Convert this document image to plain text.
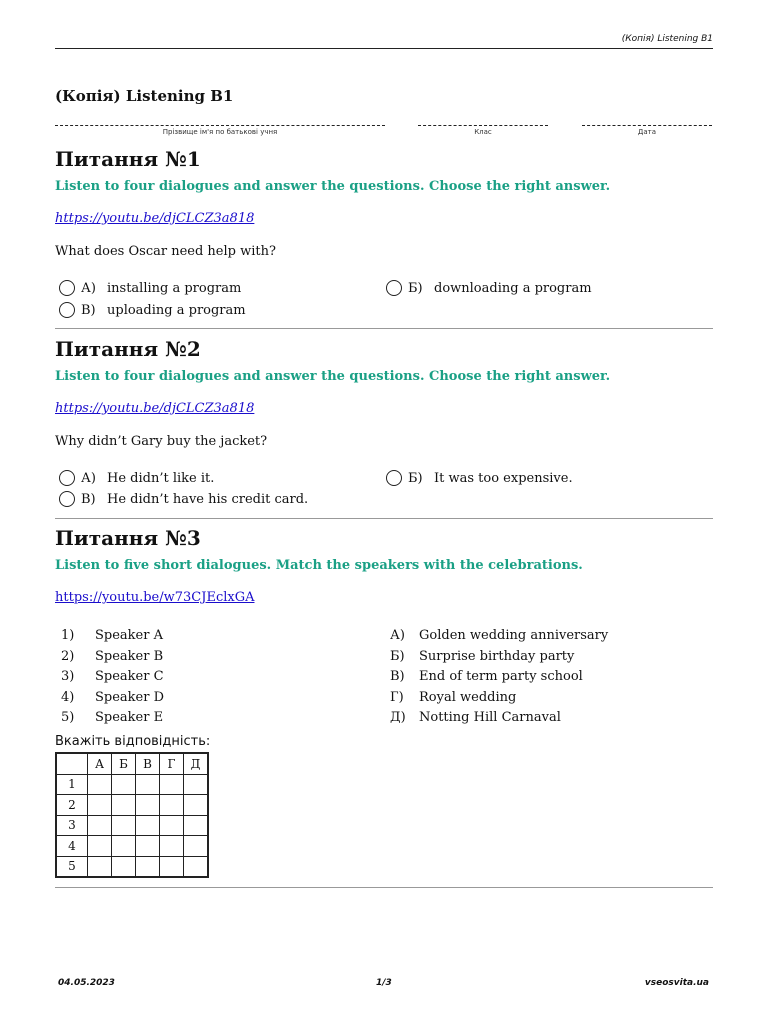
(Копія) Listening B1
(Копія) Listening B1
Прізвище ім'я по батькові учня	Клас	Дата
Питання №1
Listen to four dialogues and answer the questions. Choose the right answer.
https://youtu.be/djCLCZ3a818
What does Oscar need help with?
А) installing a program	Б) downloading a program
В) uploading a program
Питання №2
Listen to four dialogues and answer the questions. Choose the right answer.
https://youtu.be/djCLCZ3a818
Why didn’t Gary buy the jacket?
А) He didn’t like it.	Б) It was too expensive.
В) He didn’t have his credit card.
Питання №3
Listen to five short dialogues. Match the speakers with the celebrations.
https://youtu.be/w73CJEclxGA
1)	Speaker A
2)	Speaker B
3)	Speaker C
4)	Speaker D
5)	Speaker E
А)	Golden wedding anniversary
Б)	Surprise birthday party
В)	End of term party school
Г)	Royal wedding
Д)	Notting Hill Carnaval
Вкажіть відповідність:
	А	Б	В	Г	Д
1					
2					
3					
4					
5					
04.05.2023	1/3	vseosvita.ua
